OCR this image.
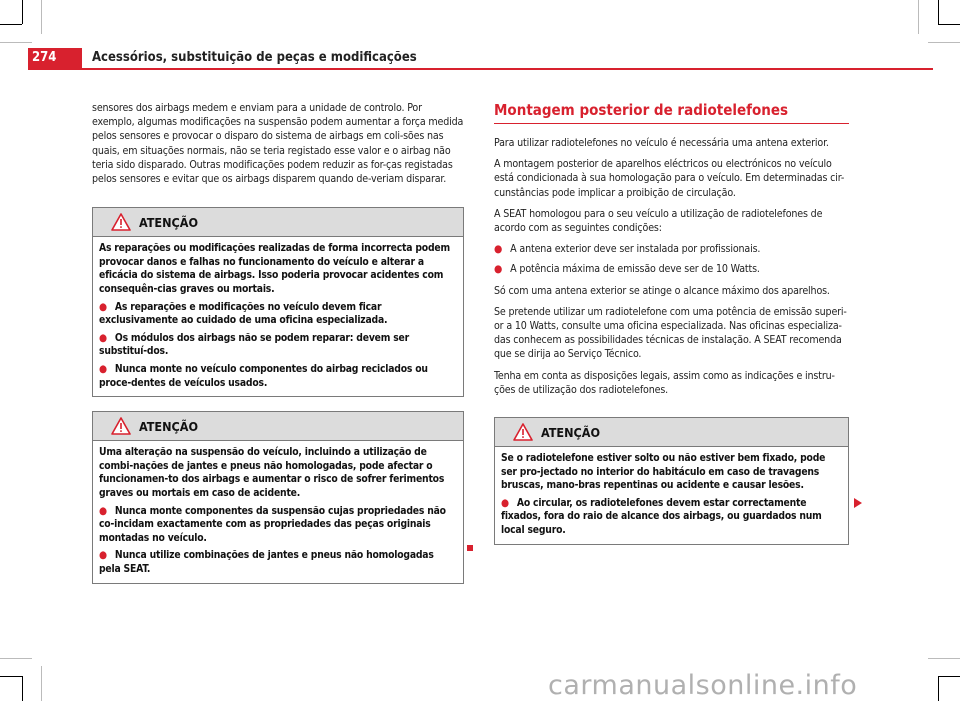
274	Acessórios, substituição de peças e modificações

sensores dos airbags medem e enviam para a unidade de controlo. Por exemplo, algumas modificações na suspensão podem aumentar a força medida pelos sensores e provocar o disparo do sistema de airbags em coli-sões nas quais, em situações normais, não se teria registado esse valor e o airbag não teria sido disparado. Outras modificações podem reduzir as for-ças registadas pelos sensores e evitar que os airbags disparem quando de-veriam disparar.

ATENÇÃO

As reparações ou modificações realizadas de forma incorrecta podem provocar danos e falhas no funcionamento do veículo e alterar a eficácia do sistema de airbags. Isso poderia provocar acidentes com consequên-cias graves ou mortais.

● As reparações e modificações no veículo devem ficar exclusivamente ao cuidado de uma oficina especializada.

● Os módulos dos airbags não se podem reparar: devem ser substituí-dos.

● Nunca monte no veículo componentes do airbag reciclados ou proce-dentes de veículos usados.

ATENÇÃO

Uma alteração na suspensão do veículo, incluindo a utilização de combi-nações de jantes e pneus não homologadas, pode afectar o funcionamen-to dos airbags e aumentar o risco de sofrer ferimentos graves ou mortais em caso de acidente.

● Nunca monte componentes da suspensão cujas propriedades não co-incidam exactamente com as propriedades das peças originais montadas no veículo.

● Nunca utilize combinações de jantes e pneus não homologadas pela SEAT.

Montagem posterior de radiotelefones

Para utilizar radiotelefones no veículo é necessária uma antena exterior.

A montagem posterior de aparelhos eléctricos ou electrónicos no veículo está condicionada à sua homologação para o veículo. Em determinadas cir-cunstâncias pode implicar a proibição de circulação.

A SEAT homologou para o seu veículo a utilização de radiotelefones de acordo com as seguintes condições:

● A antena exterior deve ser instalada por profissionais.

● A potência máxima de emissão deve ser de 10 Watts.

Só com uma antena exterior se atinge o alcance máximo dos aparelhos.

Se pretende utilizar um radiotelefone com uma potência de emissão superi-or a 10 Watts, consulte uma oficina especializada. Nas oficinas especializa-das conhecem as possibilidades técnicas de instalação. A SEAT recomenda que se dirija ao Serviço Técnico.

Tenha em conta as disposições legais, assim como as indicações e instru-ções de utilização dos radiotelefones.

ATENÇÃO

Se o radiotelefone estiver solto ou não estiver bem fixado, pode ser pro-jectado no interior do habitáculo em caso de travagens bruscas, mano-bras repentinas ou acidente e causar lesões.

● Ao circular, os radiotelefones devem estar correctamente fixados, fora do raio de alcance dos airbags, ou guardados num local seguro.

carmanualsonline.info
